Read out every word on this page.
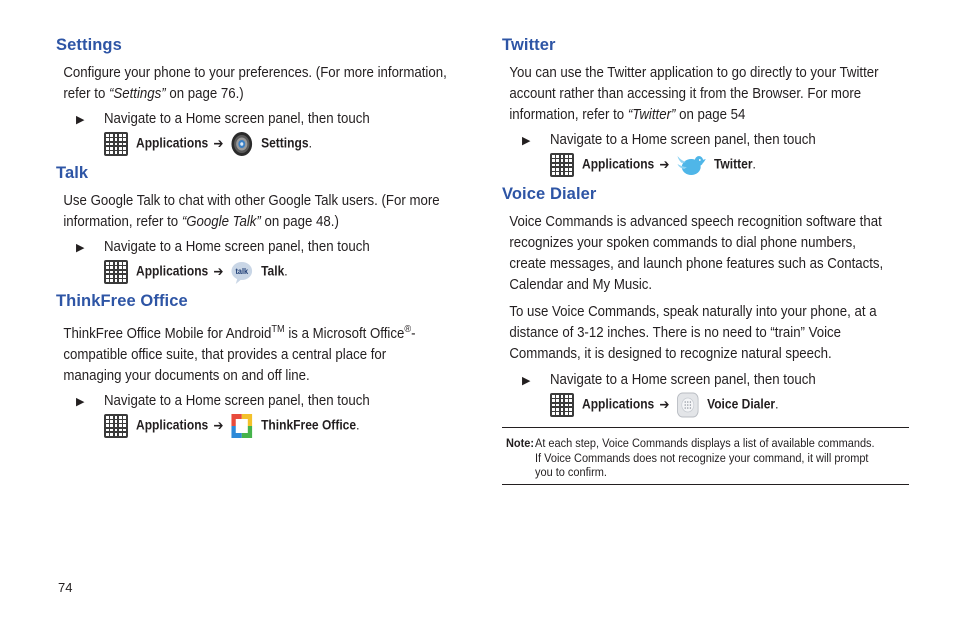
Settings

Configure your phone to your preferences. (For more information,
refer to “Settings” on page 76.)

▶ Navigate to a Home screen panel, then touch
Applications ➔	Settings.
Talk

Use Google Talk to chat with other Google Talk users. (For more
information, refer to “Google Talk” on page 48.)

▶ Navigate to a Home screen panel, then touch
Applications ➔ talk Talk.
ThinkFree Office

ThinkFree Office Mobile for Android™ is a Microsoft Office®-
compatible office suite, that provides a central place for
managing your documents on and off line.

▶ Navigate to a Home screen panel, then touch
Applications ➔	ThinkFree Office.
Twitter

You can use the Twitter application to go directly to your Twitter
account rather than accessing it from the Browser. For more
information, refer to “Twitter” on page 54

▶ Navigate to a Home screen panel, then touch
Applications ➔	Twitter.
Voice Dialer

Voice Commands is advanced speech recognition software that
recognizes your spoken commands to dial phone numbers,
create messages, and launch phone features such as Contacts,
Calendar and My Music.

To use Voice Commands, speak naturally into your phone, at a
distance of 3-12 inches. There is no need to “train” Voice
Commands, it is designed to recognize natural speech.

▶ Navigate to a Home screen panel, then touch
Applications ➔	Voice Dialer.
Note: At each step, Voice Commands displays a list of available commands.
If Voice Commands does not recognize your command, it will prompt
you to confirm.
74
